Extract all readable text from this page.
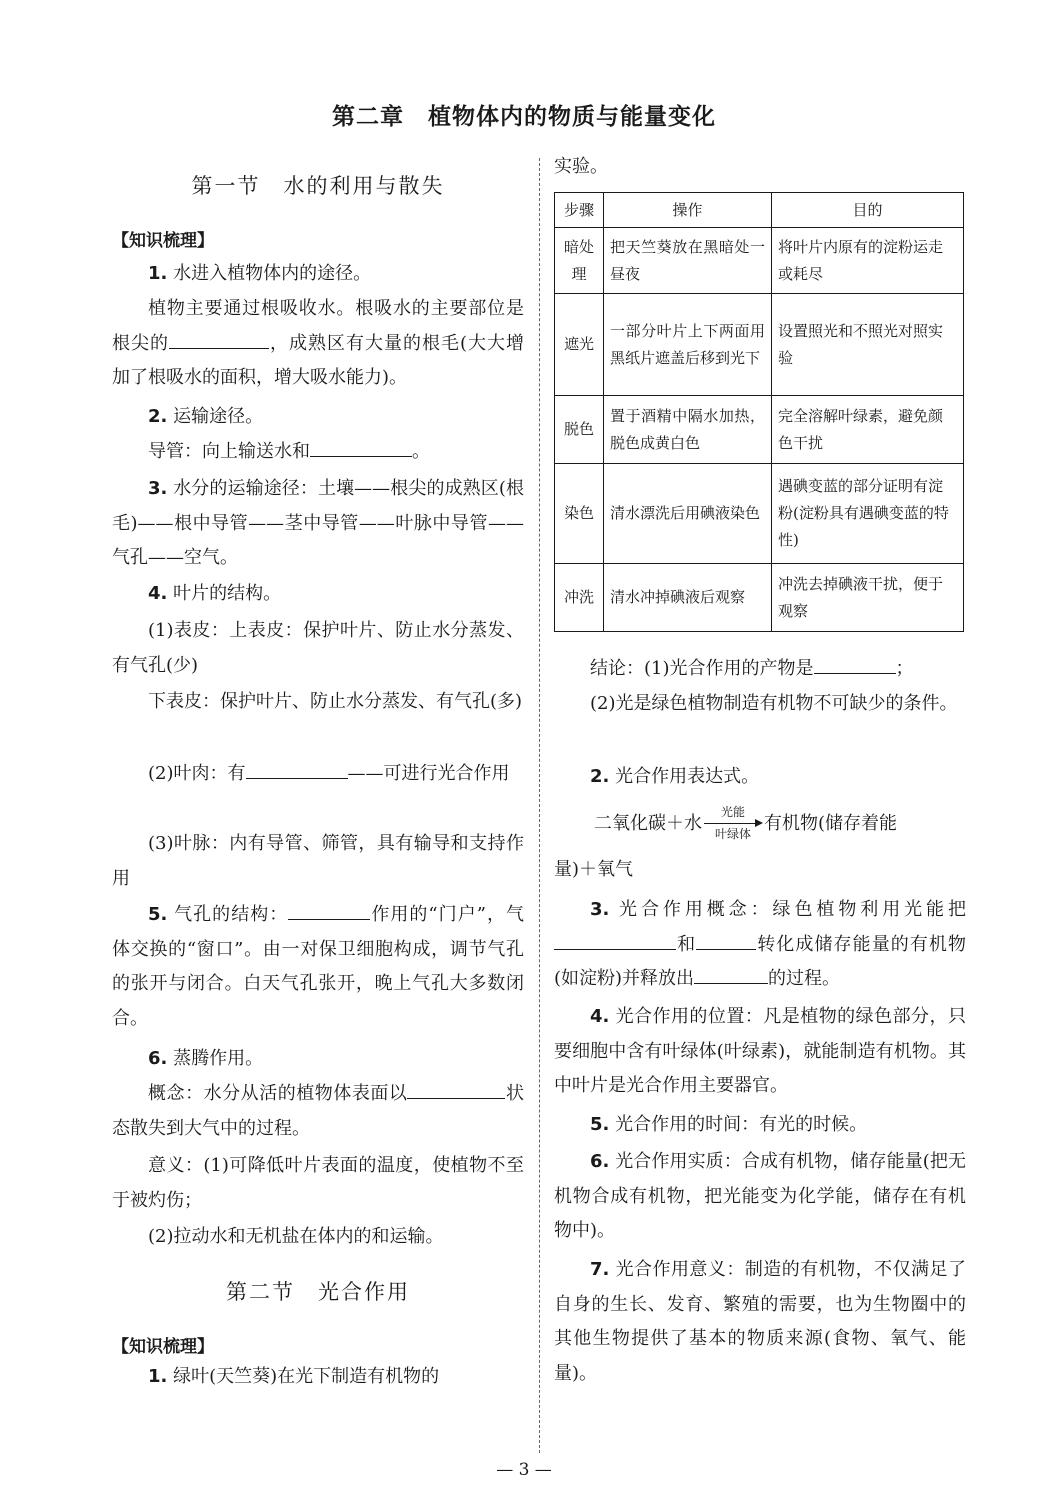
第二章　植物体内的物质与能量变化
第一节　水的利用与散失
【知识梳理】
1. 水进入植物体内的途径。
植物主要通过根吸收水。根吸水的主要部位是根尖的	，成熟区有大量的根毛(大大增加了根吸水的面积，增大吸水能力)。
2. 运输途径。
导管：向上输送水和	。
3. 水分的运输途径：土壤——根尖的成熟区(根毛)——根中导管——茎中导管——叶脉中导管——气孔——空气。
4. 叶片的结构。
(1)表皮：上表皮：保护叶片、防止水分蒸发、有气孔(少)
下表皮：保护叶片、防止水分蒸发、有气孔(多)
(2)叶肉：有	——可进行光合作用
(3)叶脉：内有导管、筛管，具有输导和支持作用
5. 气孔的结构：	作用的“门户”，气体交换的“窗口”。由一对保卫细胞构成，调节气孔的张开与闭合。白天气孔张开，晚上气孔大多数闭合。
6. 蒸腾作用。
概念：水分从活的植物体表面以	状态散失到大气中的过程。
意义：(1)可降低叶片表面的温度，使植物不至于被灼伤；
(2)拉动水和无机盐在体内的和运输。
第二节　光合作用
【知识梳理】
1. 绿叶(天竺葵)在光下制造有机物的
实验。
步骤	操作	目的
暗处理	把天竺葵放在黑暗处一昼夜	将叶片内原有的淀粉运走或耗尽
遮光	一部分叶片上下两面用黑纸片遮盖后移到光下	设置照光和不照光对照实验
脱色	置于酒精中隔水加热，脱色成黄白色	完全溶解叶绿素，避免颜色干扰
染色	清水漂洗后用碘液染色	遇碘变蓝的部分证明有淀粉(淀粉具有遇碘变蓝的特性)
冲洗	清水冲掉碘液后观察	冲洗去掉碘液干扰，便于观察
结论：(1)光合作用的产物是	；
(2)光是绿色植物制造有机物不可缺少的条件。
2. 光合作用表达式。
二氧化碳＋水
光能
叶绿体 有机物(储存着能
量)＋氧气
3. 光合作用概念：绿色植物利用光能把和	转化成储存能量的有机物(如淀粉)并释放出	的过程。
4. 光合作用的位置：凡是植物的绿色部分，只要细胞中含有叶绿体(叶绿素)，就能制造有机物。其中叶片是光合作用主要器官。
5. 光合作用的时间：有光的时候。
6. 光合作用实质：合成有机物，储存能量(把无机物合成有机物，把光能变为化学能，储存在有机物中)。
7. 光合作用意义：制造的有机物，不仅满足了自身的生长、发育、繁殖的需要，也为生物圈中的其他生物提供了基本的物质来源(食物、氧气、能量)。
— 3 —
